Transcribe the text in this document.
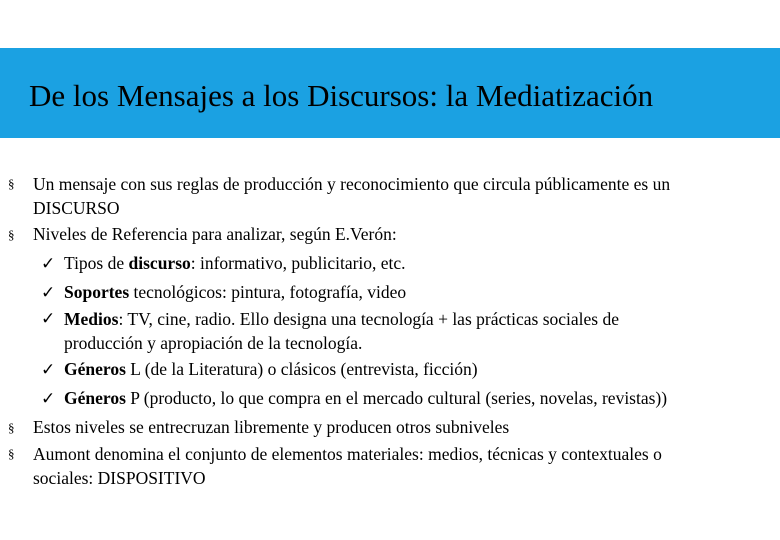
De los Mensajes a los Discursos: la Mediatización
§ Un mensaje con sus reglas de producción y reconocimiento que circula públicamente es un
DISCURSO
§ Niveles de Referencia para analizar, según E.Verón:
✓ Tipos de discurso: informativo, publicitario, etc.
✓ Soportes tecnológicos: pintura, fotografía, video
✓ Medios: TV, cine, radio. Ello designa una tecnología + las prácticas sociales de
producción y apropiación de la tecnología.
✓ Géneros L (de la Literatura) o clásicos (entrevista, ficción)
✓ Géneros P (producto, lo que compra en el mercado cultural (series, novelas, revistas))
§ Estos niveles se entrecruzan libremente y producen otros subniveles
§ Aumont denomina el conjunto de elementos materiales: medios, técnicas y contextuales o
sociales: DISPOSITIVO
